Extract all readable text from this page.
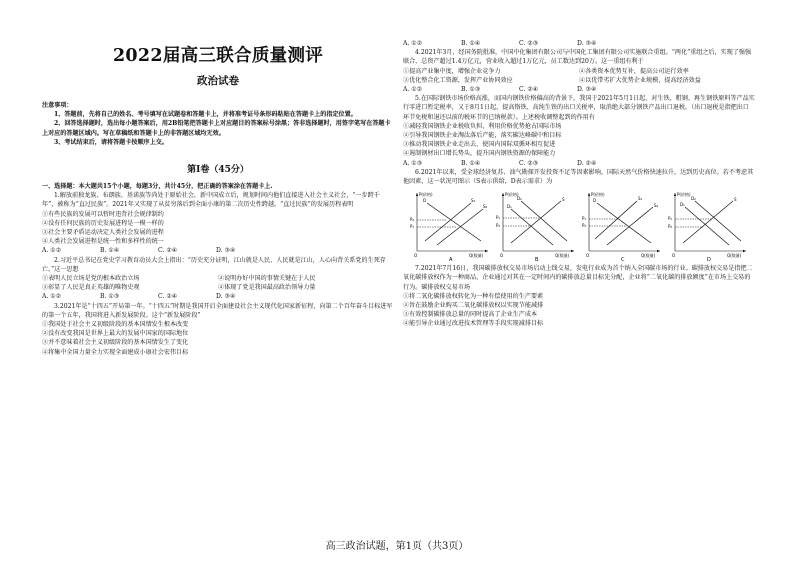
2022届高三联合质量测评
政治试卷
注意事项：

1、答题前，先将自己的姓名、考号填写在试题卷和答题卡上，并将准考证号条形码粘贴在答题卡上的指定位置。

2、回答选择题时，选出每小题答案后，用2B铅笔把答题卡上对应题目的答案标号涂黑；答非选择题时，用签字笔写在答题卡上对应的答题区域内。写在草稿纸和答题卡上的非答题区域均无效。

3、考试结束后，请将答题卡按顺序上交。

第Ⅰ卷（45分）

一、选择题：本大题共15个小题，每题3分，共计45分，把正确的答案涂在答题卡上.

1.解放前独龙族、布朗族、基诺族等尚处于原始社会，新中国成立后，规划时间内他们直接进入社会主义社会，“一步跨千年”，被称为“直过民族”。2021年又实现了从贫穷落后到全面小康的第二次历史性跨越。“直过民族”的发展历程表明

①有些民族的发展可以暂时违背社会规律制约

②没有任何民族的历史发展进程是一模一样的

③社会主要矛盾运动决定人类社会发展的进程

④人类社会发展进程是统一性和多样性的统一

A. ①②	B. ①④	C. ②④	D. ③④

2.习近平总书记在党史学习教育动员大会上指出：“历史充分证明，江山就是人民，人民就是江山，人心向背关系党的生死存亡。”这一思想

①表明人民立场是党的根本政治立场	②说明办好中国的事情关键在于人民
③彰显了人民是真正英雄的唯物史观	④体现了党是我国最高政治领导力量
A. ①②	B. ①③	C. ②④	D. ③④

3.2021年是“十四五”开局第一年。“十四五”时期是我国开启全面建设社会主义现代化国家新征程，向第二个百年奋斗目标进军的第一个五年，我国将进入新发展阶段。这个“新发展阶段”

①我国处于社会主义初级阶段的基本国情发生根本改变

②没有改变我国是世界上最大的发展中国家的国际地位

③并不意味着社会主义初级阶段的基本国情发生了变化

④将集中全国力量全力实现全面建成小康社会宏伟目标

A. ①②	B. ①④	C. ②③	D. ③④

4.2021年3月，经国务院批准，中国中化集团有限公司与中国化工集团有限公司实施联合重组。“两化”重组之后，实现了强强联合，总资产超过1.4万亿元，营业收入超过1万亿元，员工数达到20万。这一重组有利于

①提高产业集中度，增强企业竞争力	②各类资本优势互补，提高公司运行效率
③优化整合化工资源，发挥产业协同效应	④以优带劣扩大优势企业规模，提高经济效益
A. ①②	B. ①③	C. ②④	D. ③④

5.在国际钢铁市场价格高涨，而国内钢铁价格偏高的背景下，我国于2021年5月1日起，对生铁、粗钢、再生钢铁原料等产品实行零进口暂定税率，又于8月1日起，提高铬铁、高纯生铁的出口关税率，取消绝大部分钢铁产品出口退税。（出口退税是指把出口环节免税和退还以前的税环节的已纳税款）。上述税收调整起到的作用有

①减轻我国钢铁企业税收负担，利用价格优势抢占国际市场

②引导我国钢铁企业淘汰落后产能，落实碳达峰碳中和目标

③推动我国钢铁企业走出去，使国内国际双循环相互促进

④遏制钢材出口增长势头，提升国内钢铁资源的保障能力

A. ①③	B. ①④	C. ②③	D. ②④

6.2021年以来，受全球经济复苏、油气勘探开发投资不足等因素影响，国际天然气价格快速拉升，达到历史高位。若不考虑其他因素，这一状况可图示（S表示供给，D表示需求）为

P(价格)
Q(数量)
O
D	S₁
S₂
P₂
P₁
A
P(价格)
Q(数量)
O
D₁
D₂	S
P₁
P₂
B
P(价格)
Q(数量)
O
D	S₁
S₂
P₁
P₂
C
P(价格)
Q(数量)
O
S
D₁
D₂
P₁
P₂
D

7.2021年7月16日，我国碳排放权交易市场启动上线交易，发电行业成为首个纳入全国碳市场的行业。碳排放权交易是指把二氧化碳排放权作为一种商品，企业通过对其在一定时间内的碳排放总量目标先分配，企业将“二氧化碳的排放额度”在市场上交易的行为。碳排放权交易市场

①将二氧化碳排放权转化为一种有偿使用的生产要素

②旨在鼓励企业购买二氧化碳排放权以实现节能减排

③有效控制碳排放总量的同时提高了企业生产成本

④能引导企业通过改进技术管理等手段实现减排目标

高三政治试题，第1页（共3页）
